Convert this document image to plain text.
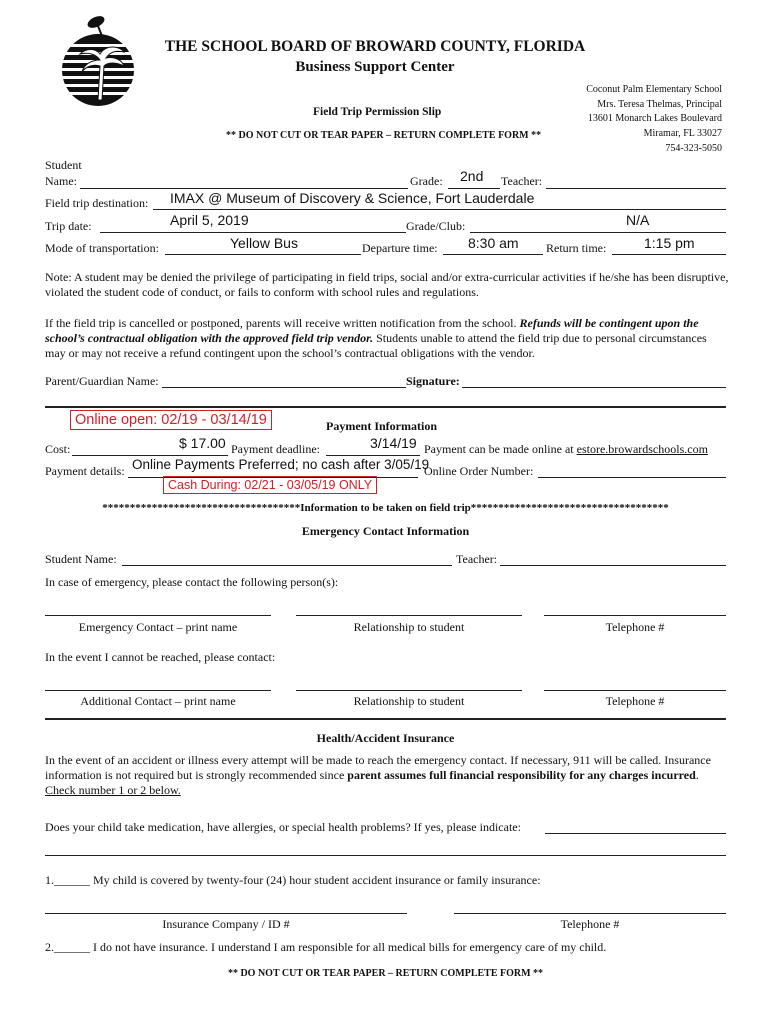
THE SCHOOL BOARD OF BROWARD COUNTY, FLORIDA
Business Support Center
Coconut Palm Elementary School
Mrs. Teresa Thelmas, Principal
13601 Monarch Lakes Boulevard
Miramar, FL 33027
754-323-5050
Field Trip Permission Slip
** DO NOT CUT OR TEAR PAPER – RETURN COMPLETE FORM **
Student
Name:	Grade: 2nd Teacher:
Field trip destination: IMAX @ Museum of Discovery & Science, Fort Lauderdale
Trip date:	April 5, 2019	Grade/Club:	N/A
Mode of transportation:	Yellow Bus	Departure time: 8:30 am Return time:	1:15 pm
Note: A student may be denied the privilege of participating in field trips, social and/or extra-curricular activities if he/she has been disruptive, violated the student code of conduct, or fails to conform with school rules and regulations.
If the field trip is cancelled or postponed, parents will receive written notification from the school. Refunds will be contingent upon the school’s contractual obligation with the approved field trip vendor. Students unable to attend the field trip due to personal circumstances may or may not receive a refund contingent upon the school’s contractual obligations with the vendor.
Parent/Guardian Name:	Signature:
Online open: 02/19 - 03/14/19	Payment Information
Cost:	$ 17.00 Payment deadline:	3/14/19 Payment can be made online at estore.browardschools.com
Payment details: Online Payments Preferred; no cash after 3/05/19
Online Order Number:
Cash During: 02/21 - 03/05/19 ONLY
************************************Information to be taken on field trip************************************
Emergency Contact Information
Student Name:	Teacher:
In case of emergency, please contact the following person(s):
Emergency Contact – print name	Relationship to student	Telephone #
In the event I cannot be reached, please contact:
Additional Contact – print name	Relationship to student	Telephone #
Health/Accident Insurance
In the event of an accident or illness every attempt will be made to reach the emergency contact. If necessary, 911 will be called. Insurance information is not required but is strongly recommended since parent assumes full financial responsibility for any charges incurred. Check number 1 or 2 below.
Does your child take medication, have allergies, or special health problems? If yes, please indicate:
1.______ My child is covered by twenty-four (24) hour student accident insurance or family insurance:
Insurance Company / ID #	Telephone #
2.______ I do not have insurance. I understand I am responsible for all medical bills for emergency care of my child.
** DO NOT CUT OR TEAR PAPER – RETURN COMPLETE FORM **
